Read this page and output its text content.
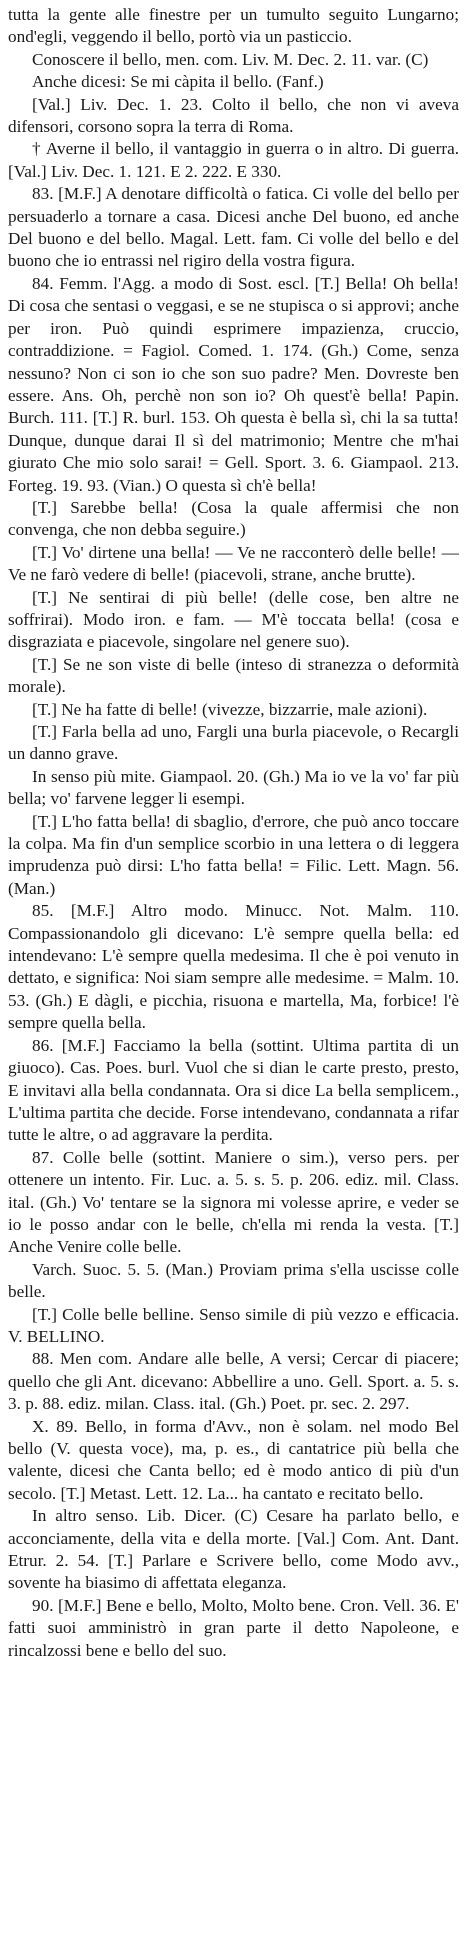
tutta la gente alle finestre per un tumulto seguito Lungarno; ond'egli, veggendo il bello, portò via un pasticcio.

Conoscere il bello, men. com. Liv. M. Dec. 2. 11. var. (C)

Anche dicesi: Se mi càpita il bello. (Fanf.)

[Val.] Liv. Dec. 1. 23. Colto il bello, che non vi aveva difensori, corsono sopra la terra di Roma.

† Averne il bello, il vantaggio in guerra o in altro. Di guerra. [Val.] Liv. Dec. 1. 121. E 2. 222. E 330.

83. [M.F.] A denotare difficoltà o fatica. Ci volle del bello per persuaderlo a tornare a casa. Dicesi anche Del buono, ed anche Del buono e del bello. Magal. Lett. fam. Ci volle del bello e del buono che io entrassi nel rigiro della vostra figura.

84. Femm. l'Agg. a modo di Sost. escl. [T.] Bella! Oh bella! Di cosa che sentasi o veggasi, e se ne stupisca o si approvi; anche per iron. Può quindi esprimere impazienza, cruccio, contraddizione. = Fagiol. Comed. 1. 174. (Gh.) Come, senza nessuno? Non ci son io che son suo padre? Men. Dovreste ben essere. Ans. Oh, perchè non son io? Oh quest'è bella! Papin. Burch. 111. [T.] R. burl. 153. Oh questa è bella sì, chi la sa tutta! Dunque, dunque darai Il sì del matrimonio; Mentre che m'hai giurato Che mio solo sarai! = Gell. Sport. 3. 6. Giampaol. 213. Forteg. 19. 93. (Vian.) O questa sì ch'è bella!

[T.] Sarebbe bella! (Cosa la quale affermisi che non convenga, che non debba seguire.)

[T.] Vo' dirtene una bella! — Ve ne racconterò delle belle! — Ve ne farò vedere di belle! (piacevoli, strane, anche brutte).

[T.] Ne sentirai di più belle! (delle cose, ben altre ne soffrirai). Modo iron. e fam. — M'è toccata bella! (cosa e disgraziata e piacevole, singolare nel genere suo).

[T.] Se ne son viste di belle (inteso di stranezza o deformità morale).

[T.] Ne ha fatte di belle! (vivezze, bizzarrie, male azioni).

[T.] Farla bella ad uno, Fargli una burla piacevole, o Recargli un danno grave.

In senso più mite. Giampaol. 20. (Gh.) Ma io ve la vo' far più bella; vo' farvene legger li esempi.

[T.] L'ho fatta bella! di sbaglio, d'errore, che può anco toccare la colpa. Ma fin d'un semplice scorbio in una lettera o di leggera imprudenza può dirsi: L'ho fatta bella! = Filic. Lett. Magn. 56. (Man.)

85. [M.F.] Altro modo. Minucc. Not. Malm. 110. Compassionandolo gli dicevano: L'è sempre quella bella: ed intendevano: L'è sempre quella medesima. Il che è poi venuto in dettato, e significa: Noi siam sempre alle medesime. = Malm. 10. 53. (Gh.) E dàgli, e picchia, risuona e martella, Ma, forbice! l'è sempre quella bella.

86. [M.F.] Facciamo la bella (sottint. Ultima partita di un giuoco). Cas. Poes. burl. Vuol che si dian le carte presto, presto, E invitavi alla bella condannata. Ora si dice La bella semplicem., L'ultima partita che decide. Forse intendevano, condannata a rifar tutte le altre, o ad aggravare la perdita.

87. Colle belle (sottint. Maniere o sim.), verso pers. per ottenere un intento. Fir. Luc. a. 5. s. 5. p. 206. ediz. mil. Class. ital. (Gh.) Vo' tentare se la signora mi volesse aprire, e veder se io le posso andar con le belle, ch'ella mi renda la vesta. [T.] Anche Venire colle belle.

Varch. Suoc. 5. 5. (Man.) Proviam prima s'ella uscisse colle belle.

[T.] Colle belle belline. Senso simile di più vezzo e efficacia. V. BELLINO.

88. Men com. Andare alle belle, A versi; Cercar di piacere; quello che gli Ant. dicevano: Abbellire a uno. Gell. Sport. a. 5. s. 3. p. 88. ediz. milan. Class. ital. (Gh.) Poet. pr. sec. 2. 297.

X. 89. Bello, in forma d'Avv., non è solam. nel modo Bel bello (V. questa voce), ma, p. es., di cantatrice più bella che valente, dicesi che Canta bello; ed è modo antico di più d'un secolo. [T.] Metast. Lett. 12. La... ha cantato e recitato bello.

In altro senso. Lib. Dicer. (C) Cesare ha parlato bello, e acconciamente, della vita e della morte. [Val.] Com. Ant. Dant. Etrur. 2. 54. [T.] Parlare e Scrivere bello, come Modo avv., sovente ha biasimo di affettata eleganza.

90. [M.F.] Bene e bello, Molto, Molto bene. Cron. Vell. 36. E' fatti suoi amministrò in gran parte il detto Napoleone, e rincalzossi bene e bello del suo.
